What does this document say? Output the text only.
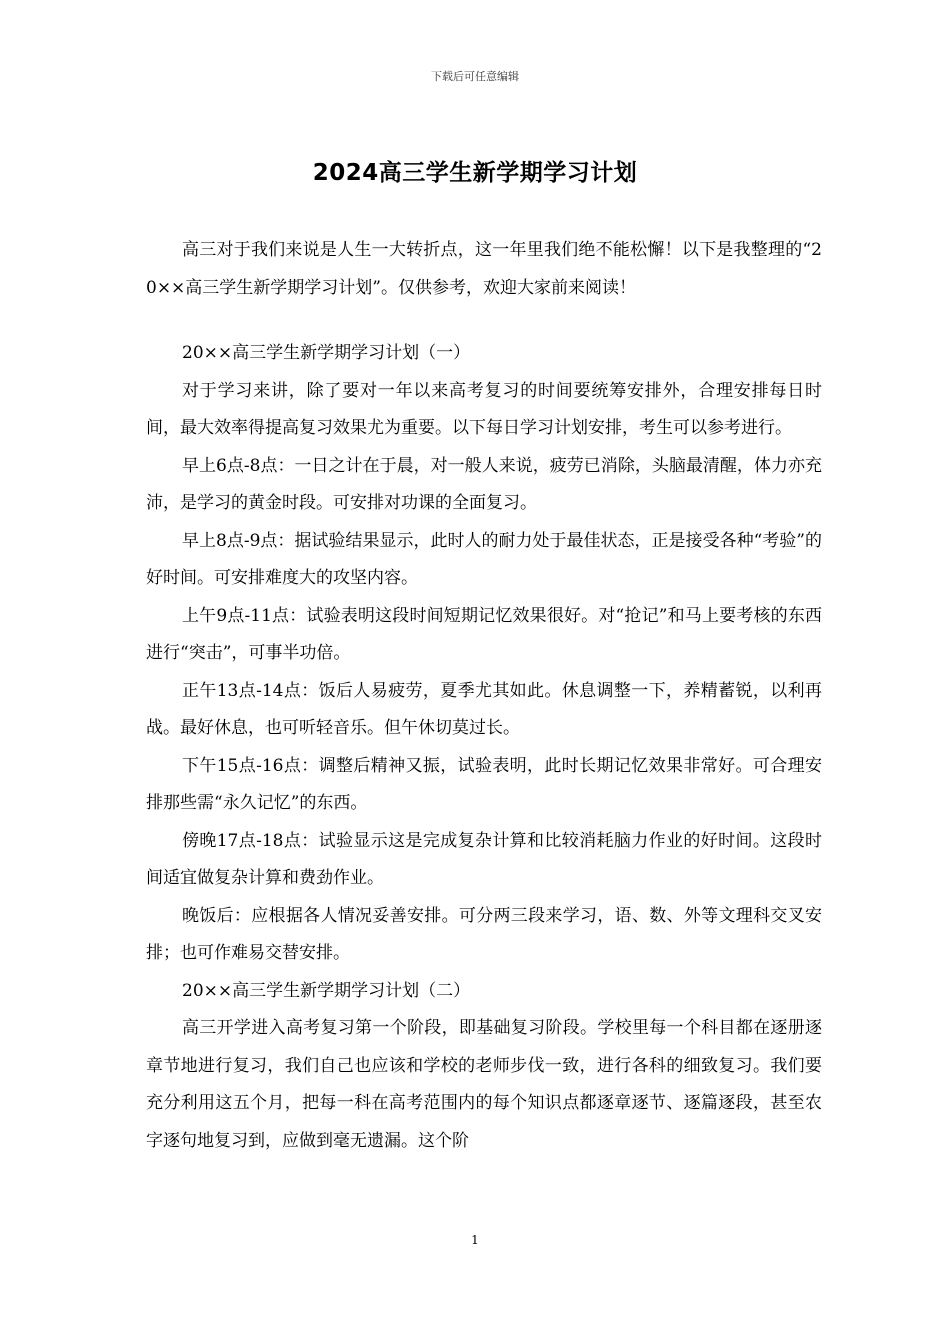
下载后可任意编辑
2024高三学生新学期学习计划

高三对于我们来说是人生一大转折点，这一年里我们绝不能松懈！以下是我整理的“20××高三学生新学期学习计划”。仅供参考，欢迎大家前来阅读！

20××高三学生新学期学习计划（一）

对于学习来讲，除了要对一年以来高考复习的时间要统筹安排外，合理安排每日时间，最大效率得提高复习效果尤为重要。以下每日学习计划安排，考生可以参考进行。

早上6点-8点：一日之计在于晨，对一般人来说，疲劳已消除，头脑最清醒，体力亦充沛，是学习的黄金时段。可安排对功课的全面复习。

早上8点-9点：据试验结果显示，此时人的耐力处于最佳状态，正是接受各种“考验”的好时间。可安排难度大的攻坚内容。

上午9点-11点：试验表明这段时间短期记忆效果很好。对“抢记”和马上要考核的东西进行“突击”，可事半功倍。

正午13点-14点：饭后人易疲劳，夏季尤其如此。休息调整一下，养精蓄锐，以利再战。最好休息，也可听轻音乐。但午休切莫过长。

下午15点-16点：调整后精神又振，试验表明，此时长期记忆效果非常好。可合理安排那些需“永久记忆”的东西。

傍晚17点-18点：试验显示这是完成复杂计算和比较消耗脑力作业的好时间。这段时间适宜做复杂计算和费劲作业。

晚饭后：应根据各人情况妥善安排。可分两三段来学习，语、数、外等文理科交叉安排；也可作难易交替安排。

20××高三学生新学期学习计划（二）

高三开学进入高考复习第一个阶段，即基础复习阶段。学校里每一个科目都在逐册逐章节地进行复习，我们自己也应该和学校的老师步伐一致，进行各科的细致复习。我们要充分利用这五个月，把每一科在高考范围内的每个知识点都逐章逐节、逐篇逐段，甚至农字逐句地复习到，应做到毫无遗漏。这个阶

1
